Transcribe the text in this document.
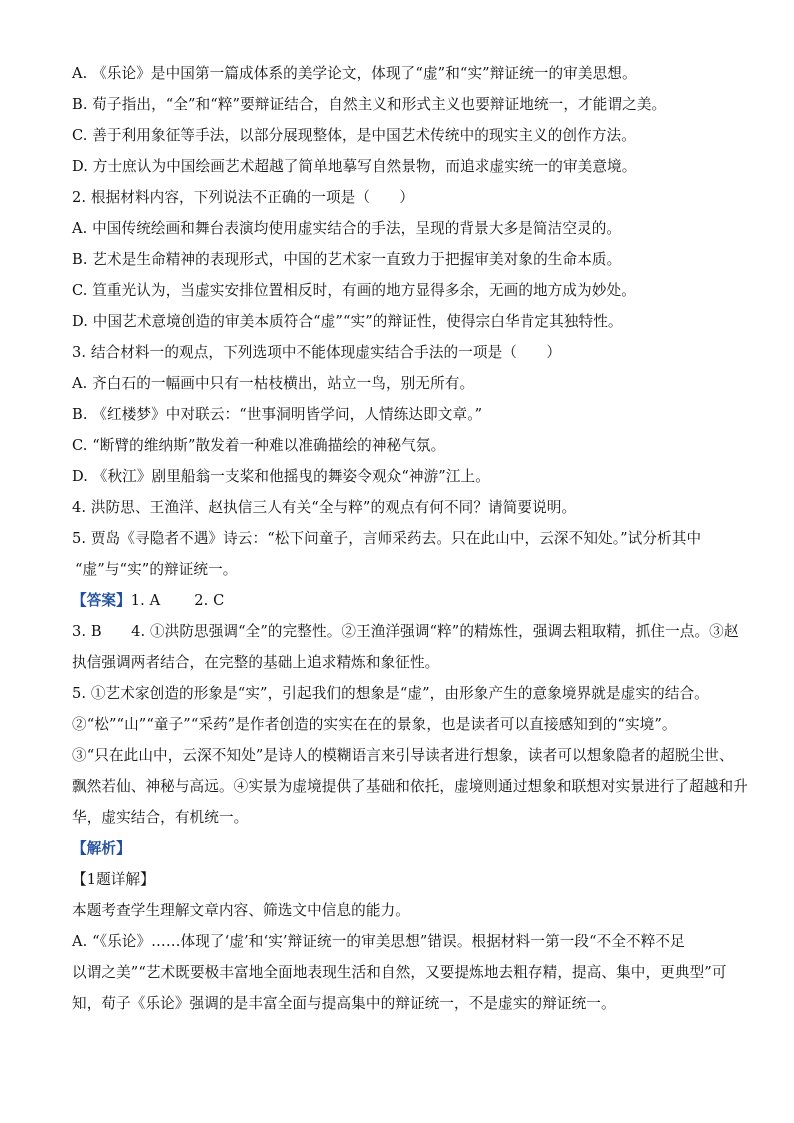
A. 《乐论》是中国第一篇成体系的美学论文，体现了“虚”和“实”辩证统一的审美思想。
B. 荀子指出，“全”和“粹”要辩证结合，自然主义和形式主义也要辩证地统一，才能谓之美。
C. 善于利用象征等手法，以部分展现整体，是中国艺术传统中的现实主义的创作方法。
D. 方士庶认为中国绘画艺术超越了简单地摹写自然景物，而追求虚实统一的审美意境。
2. 根据材料内容，下列说法不正确的一项是（　　）
A. 中国传统绘画和舞台表演均使用虚实结合的手法，呈现的背景大多是简洁空灵的。
B. 艺术是生命精神的表现形式，中国的艺术家一直致力于把握审美对象的生命本质。
C. 笪重光认为，当虚实安排位置相反时，有画的地方显得多余，无画的地方成为妙处。
D. 中国艺术意境创造的审美本质符合“虚”“实”的辩证性，使得宗白华肯定其独特性。
3. 结合材料一的观点，下列选项中不能体现虚实结合手法的一项是（　　）
A. 齐白石的一幅画中只有一枯枝横出，站立一鸟，别无所有。
B. 《红楼梦》中对联云：“世事洞明皆学问，人情练达即文章。”
C. “断臂的维纳斯”散发着一种难以准确描绘的神秘气氛。
D. 《秋江》剧里船翁一支桨和他摇曳的舞姿令观众“神游”江上。
4. 洪防思、王渔洋、赵执信三人有关“全与粹”的观点有何不同？请简要说明。
5. 贾岛《寻隐者不遇》诗云：“松下问童子，言师采药去。只在此山中，云深不知处。”试分析其中
“虚”与“实”的辩证统一。
【答案】1. A 2. C
3. B　　4. ①洪防思强调“全”的完整性。②王渔洋强调“粹”的精炼性，强调去粗取精，抓住一点。③赵
执信强调两者结合，在完整的基础上追求精炼和象征性。
5. ①艺术家创造的形象是“实”，引起我们的想象是“虚”，由形象产生的意象境界就是虚实的结合。
②“松”“山”“童子”“采药”是作者创造的实实在在的景象，也是读者可以直接感知到的“实境”。
③“只在此山中，云深不知处”是诗人的模糊语言来引导读者进行想象，读者可以想象隐者的超脱尘世、
飘然若仙、神秘与高远。④实景为虚境提供了基础和依托，虚境则通过想象和联想对实景进行了超越和升
华，虚实结合，有机统一。
【解析】
【1题详解】
本题考查学生理解文章内容、筛选文中信息的能力。
A. “《乐论》……体现了‘虚’和‘实’辩证统一的审美思想”错误。根据材料一第一段“不全不粹不足
以谓之美”“艺术既要极丰富地全面地表现生活和自然，又要提炼地去粗存精，提高、集中，更典型”可
知，荀子《乐论》强调的是丰富全面与提高集中的辩证统一，不是虚实的辩证统一。
